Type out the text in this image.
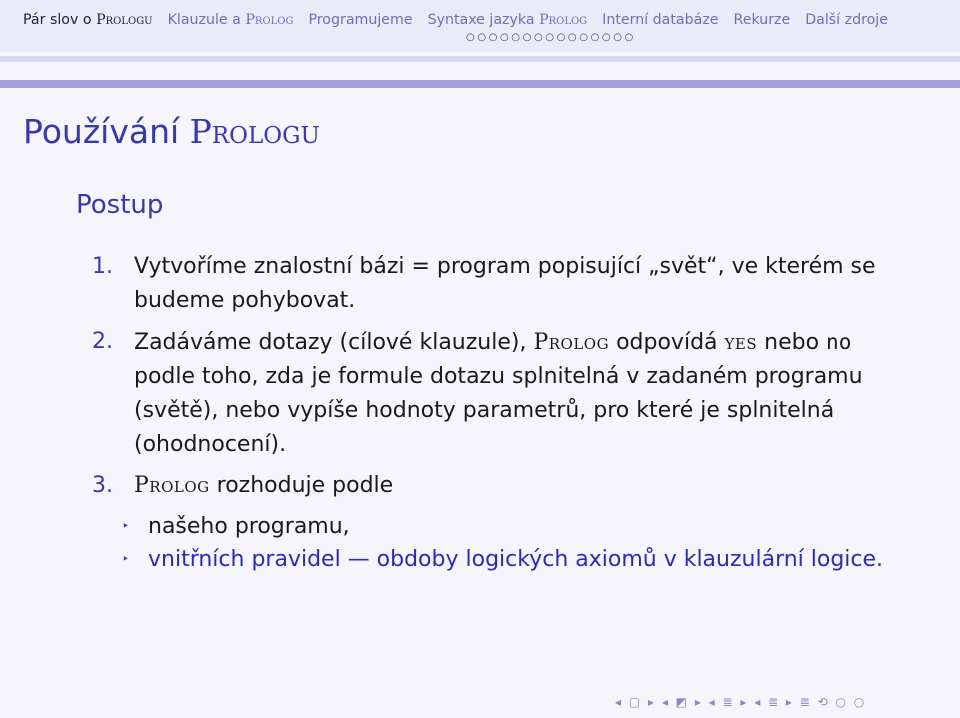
Pár slov o Prologu Klauzule a Prolog Programujeme Syntaxe jazyka Prolog Interní databáze Rekurze Další zdroje
○○○○○○○○○○○○○○○
Používání Prologu
Postup
1. Vytvoříme znalostní bázi = program popisující „svět“, ve kterém se budeme pohybovat.
2. Zadáváme dotazy (cílové klauzule), Prolog odpovídá yes nebo no podle toho, zda je formule dotazu splnitelná v zadaném programu (světě), nebo vypíše hodnoty parametrů, pro které je splnitelná (ohodnocení).
3. Prolog rozhoduje podle
‣ našeho programu,
‣ vnitřních pravidel — obdoby logických axiomů v klauzulární logice.
◂ ▢ ▸ ◂ ◩ ▸ ◂ ≣ ▸ ◂ ≣ ▸ ≣ ⟲ ○ ○
